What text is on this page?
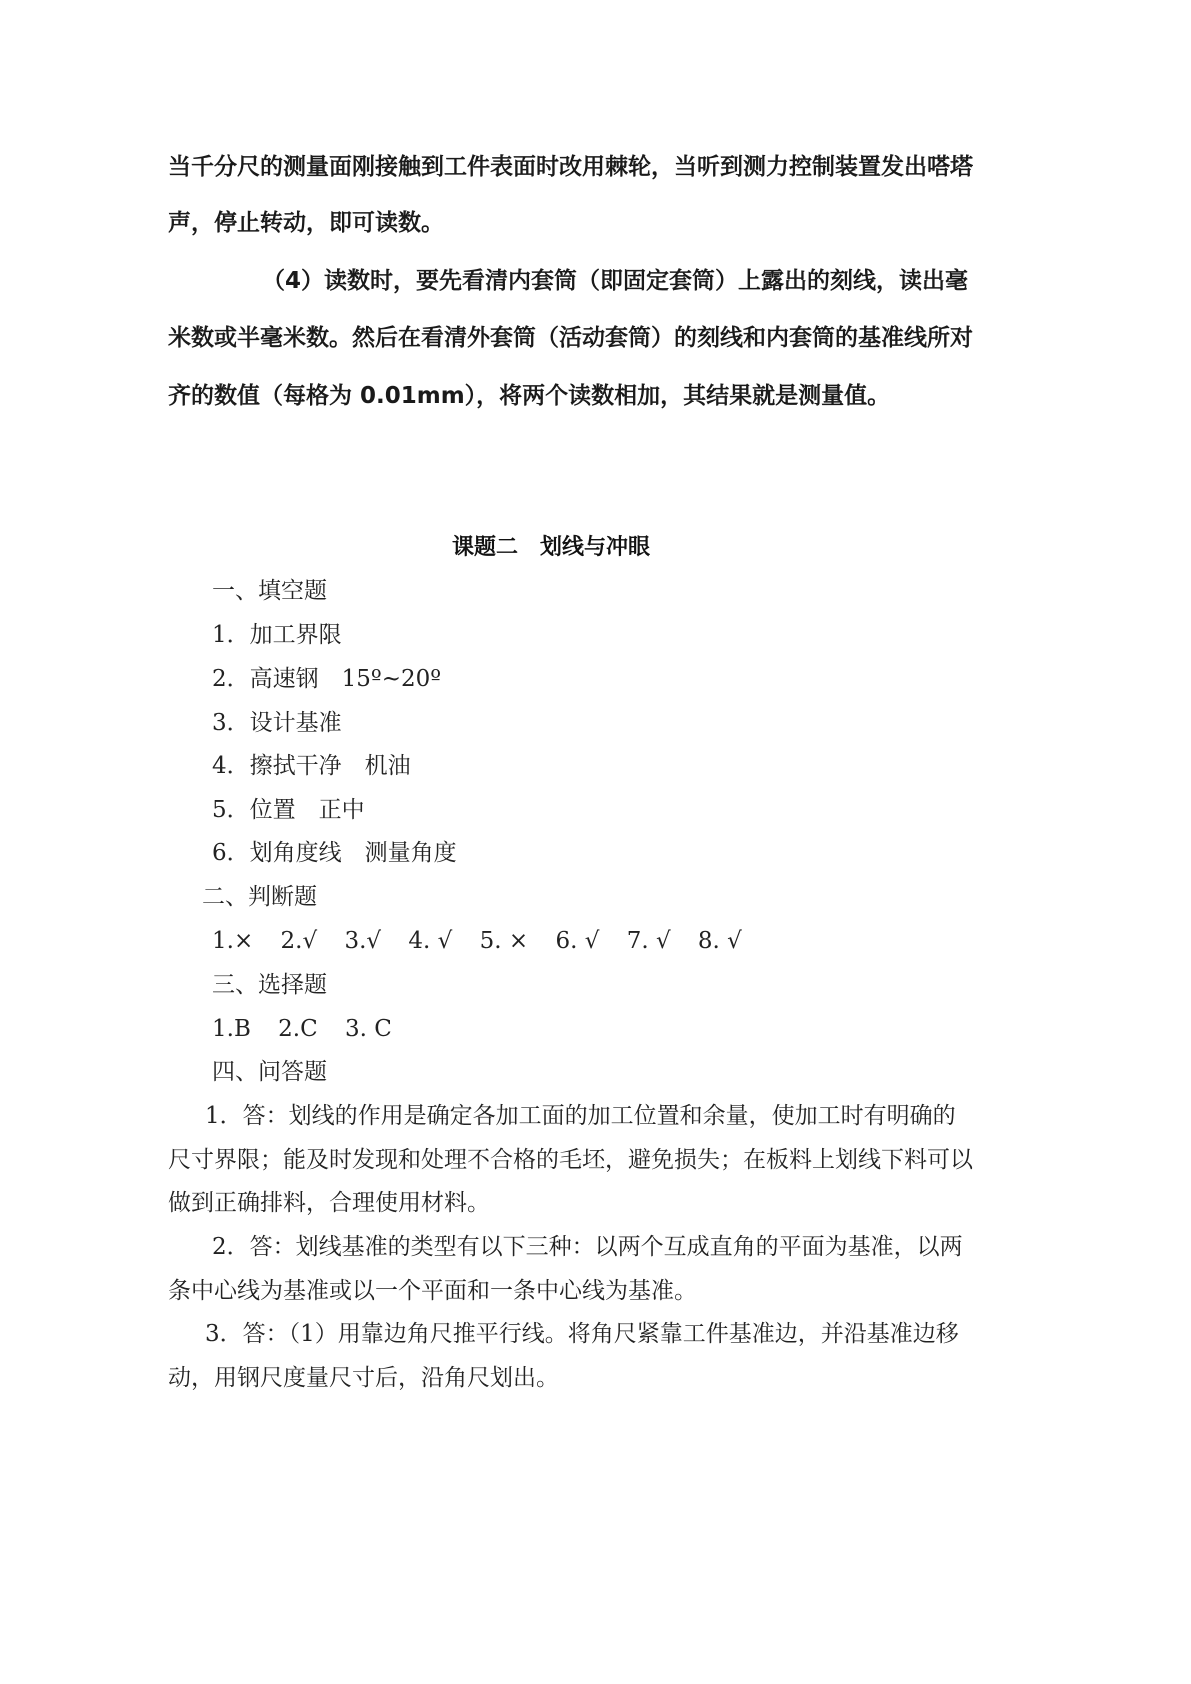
当千分尺的测量面刚接触到工件表面时改用棘轮，当听到测力控制装置发出嗒塔
声，停止转动，即可读数。
（4）读数时，要先看清内套筒（即固定套筒）上露出的刻线，读出毫
米数或半毫米数。然后在看清外套筒（活动套筒）的刻线和内套筒的基准线所对
齐的数值（每格为 0.01mm），将两个读数相加，其结果就是测量值。
课题二　划线与冲眼
一、填空题
1．加工界限
2．高速钢　15º~20º
3．设计基准
4．擦拭干净　机油
5．位置　正中
6．划角度线　测量角度
二、判断题
1.× 2.√ 3.√ 4. √ 5. × 6. √ 7. √ 8. √
三、选择题
1.B 2.C 3. C
四、问答题
1．答：划线的作用是确定各加工面的加工位置和余量，使加工时有明确的
尺寸界限；能及时发现和处理不合格的毛坯，避免损失；在板料上划线下料可以
做到正确排料，合理使用材料。
2．答：划线基准的类型有以下三种：以两个互成直角的平面为基准，以两
条中心线为基准或以一个平面和一条中心线为基准。
3．答：（1）用靠边角尺推平行线。将角尺紧靠工件基准边，并沿基准边移
动，用钢尺度量尺寸后，沿角尺划出。
